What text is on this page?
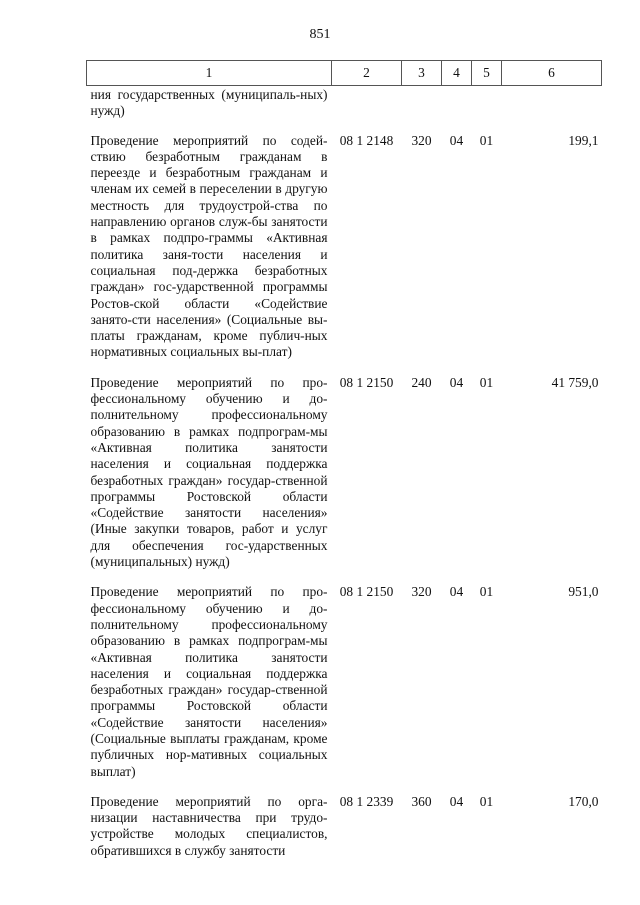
851
1	2	3	4	5	6
ния государственных (муниципаль-ных) нужд)					
Проведение мероприятий по содей-ствию безработным гражданам в переезде и безработным гражданам и членам их семей в переселении в другую местность для трудоустрой-ства по направлению органов служ-бы занятости в рамках подпро-граммы «Активная политика заня-тости населения и социальная под-держка безработных граждан» гос-ударственной программы Ростов-ской области «Содействие занято-сти населения» (Социальные вы-платы гражданам, кроме публич-ных нормативных социальных вы-плат)	08 1 2148	320	04	01	199,1
Проведение мероприятий по про-фессиональному обучению и до-полнительному профессиональному образованию в рамках подпрограм-мы «Активная политика занятости населения и социальная поддержка безработных граждан» государ-ственной программы Ростовской области «Содействие занятости населения» (Иные закупки товаров, работ и услуг для обеспечения гос-ударственных (муниципальных) нужд)	08 1 2150	240	04	01	41 759,0
Проведение мероприятий по про-фессиональному обучению и до-полнительному профессиональному образованию в рамках подпрограм-мы «Активная политика занятости населения и социальная поддержка безработных граждан» государ-ственной программы Ростовской области «Содействие занятости населения» (Социальные выплаты гражданам, кроме публичных нор-мативных социальных выплат)	08 1 2150	320	04	01	951,0
Проведение мероприятий по орга-низации наставничества при трудо-устройстве молодых специалистов, обратившихся в службу занятости	08 1 2339	360	04	01	170,0
